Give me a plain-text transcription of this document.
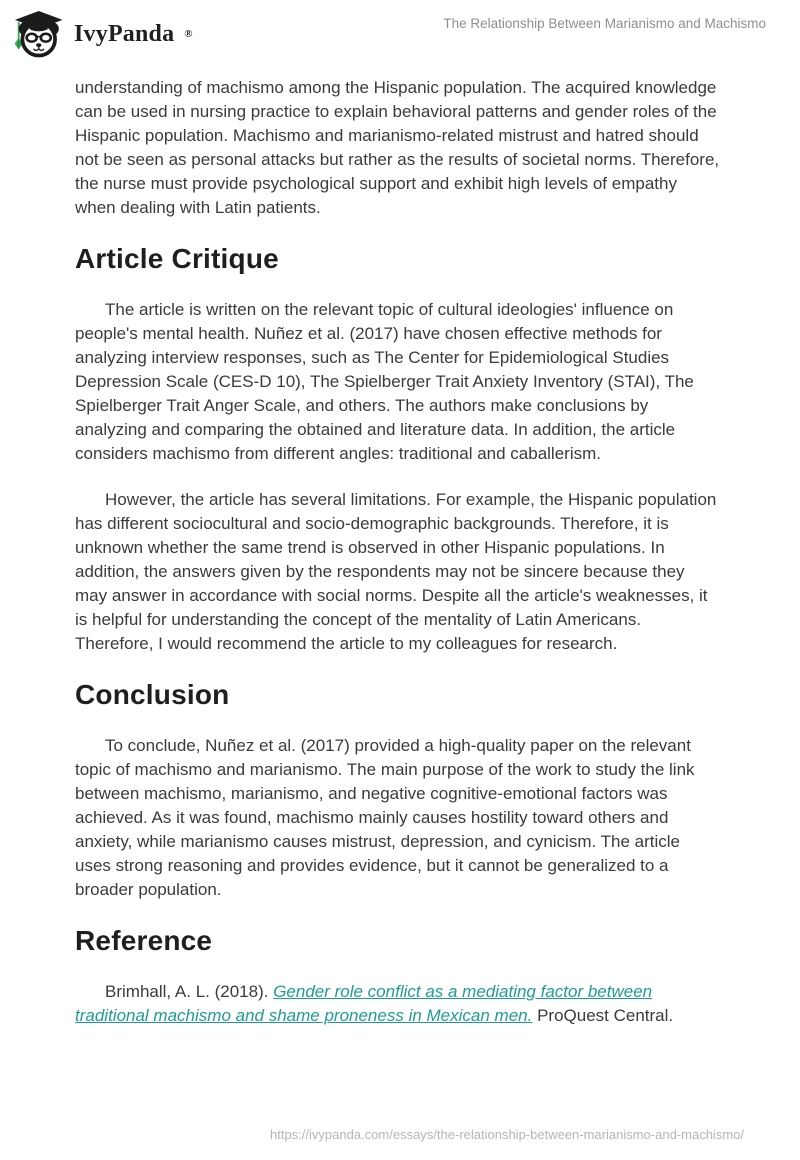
IvyPanda ®
The Relationship Between Marianismo and Machismo

understanding of machismo among the Hispanic population. The acquired knowledge can be used in nursing practice to explain behavioral patterns and gender roles of the Hispanic population. Machismo and marianismo-related mistrust and hatred should not be seen as personal attacks but rather as the results of societal norms. Therefore, the nurse must provide psychological support and exhibit high levels of empathy when dealing with Latin patients.

Article Critique

The article is written on the relevant topic of cultural ideologies' influence on people's mental health. Nuñez et al. (2017) have chosen effective methods for analyzing interview responses, such as The Center for Epidemiological Studies Depression Scale (CES-D 10), The Spielberger Trait Anxiety Inventory (STAI), The Spielberger Trait Anger Scale, and others. The authors make conclusions by analyzing and comparing the obtained and literature data. In addition, the article considers machismo from different angles: traditional and caballerism.

However, the article has several limitations. For example, the Hispanic population has different sociocultural and socio-demographic backgrounds. Therefore, it is unknown whether the same trend is observed in other Hispanic populations. In addition, the answers given by the respondents may not be sincere because they may answer in accordance with social norms. Despite all the article's weaknesses, it is helpful for understanding the concept of the mentality of Latin Americans. Therefore, I would recommend the article to my colleagues for research.

Conclusion

To conclude, Nuñez et al. (2017) provided a high-quality paper on the relevant topic of machismo and marianismo. The main purpose of the work to study the link between machismo, marianismo, and negative cognitive-emotional factors was achieved. As it was found, machismo mainly causes hostility toward others and anxiety, while marianismo causes mistrust, depression, and cynicism. The article uses strong reasoning and provides evidence, but it cannot be generalized to a broader population.

Reference

Brimhall, A. L. (2018). Gender role conflict as a mediating factor between traditional machismo and shame proneness in Mexican men. ProQuest Central.

https://ivypanda.com/essays/the-relationship-between-marianismo-and-machismo/
